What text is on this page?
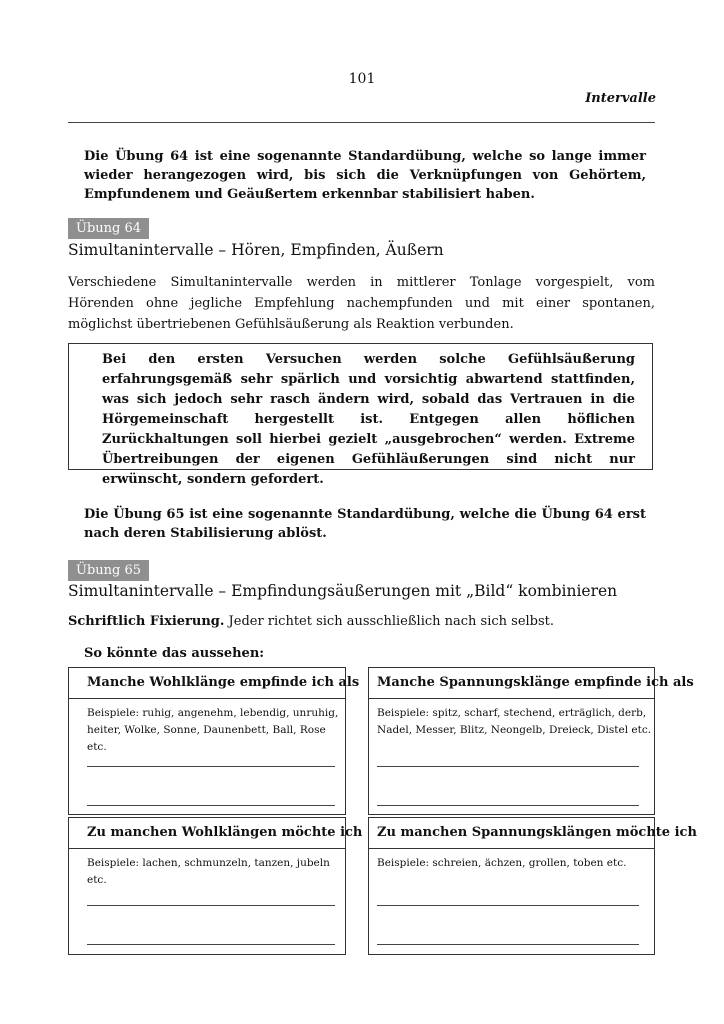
101
Intervalle
Die Übung 64 ist eine sogenannte Standardübung, welche so lange immer wieder herangezogen wird, bis sich die Verknüpfungen von Gehörtem, Empfundenem und Geäußertem erkennbar stabilisiert haben.
Übung 64
Simultanintervalle – Hören, Empfinden, Äußern
Verschiedene Simultanintervalle werden in mittlerer Tonlage vorgespielt, vom Hörenden ohne jegliche Empfehlung nachempfunden und mit einer spontanen, möglichst übertriebenen Gefühlsäußerung als Reaktion verbunden.
Bei den ersten Versuchen werden solche Gefühlsäußerung erfahrungsgemäß sehr spärlich und vorsichtig abwartend stattfinden, was sich jedoch sehr rasch ändern wird, sobald das Vertrauen in die Hörgemeinschaft hergestellt ist. Entgegen allen höflichen Zurückhaltungen soll hierbei gezielt „ausgebrochen“ werden. Extreme Übertreibungen der eigenen Gefühläußerungen sind nicht nur erwünscht, sondern gefordert.
Die Übung 65 ist eine sogenannte Standardübung, welche die Übung 64 erst nach deren Stabilisierung ablöst.
Übung 65
Simultanintervalle – Empfindungsäußerungen mit „Bild“ kombinieren
Schriftlich Fixierung. Jeder richtet sich ausschließlich nach sich selbst.
So könnte das aussehen:
Manche Wohlklänge empfinde ich als
Beispiele: ruhig, angenehm, lebendig, unruhig, heiter, Wolke, Sonne, Daunenbett, Ball, Rose etc.
Manche Spannungsklänge empfinde ich als
Beispiele: spitz, scharf, stechend, erträglich, derb, Nadel, Messer, Blitz, Neongelb, Dreieck, Distel etc.
Zu manchen Wohlklängen möchte ich
Beispiele: lachen, schmunzeln, tanzen, jubeln etc.
Zu manchen Spannungsklängen möchte ich
Beispiele: schreien, ächzen, grollen, toben etc.
